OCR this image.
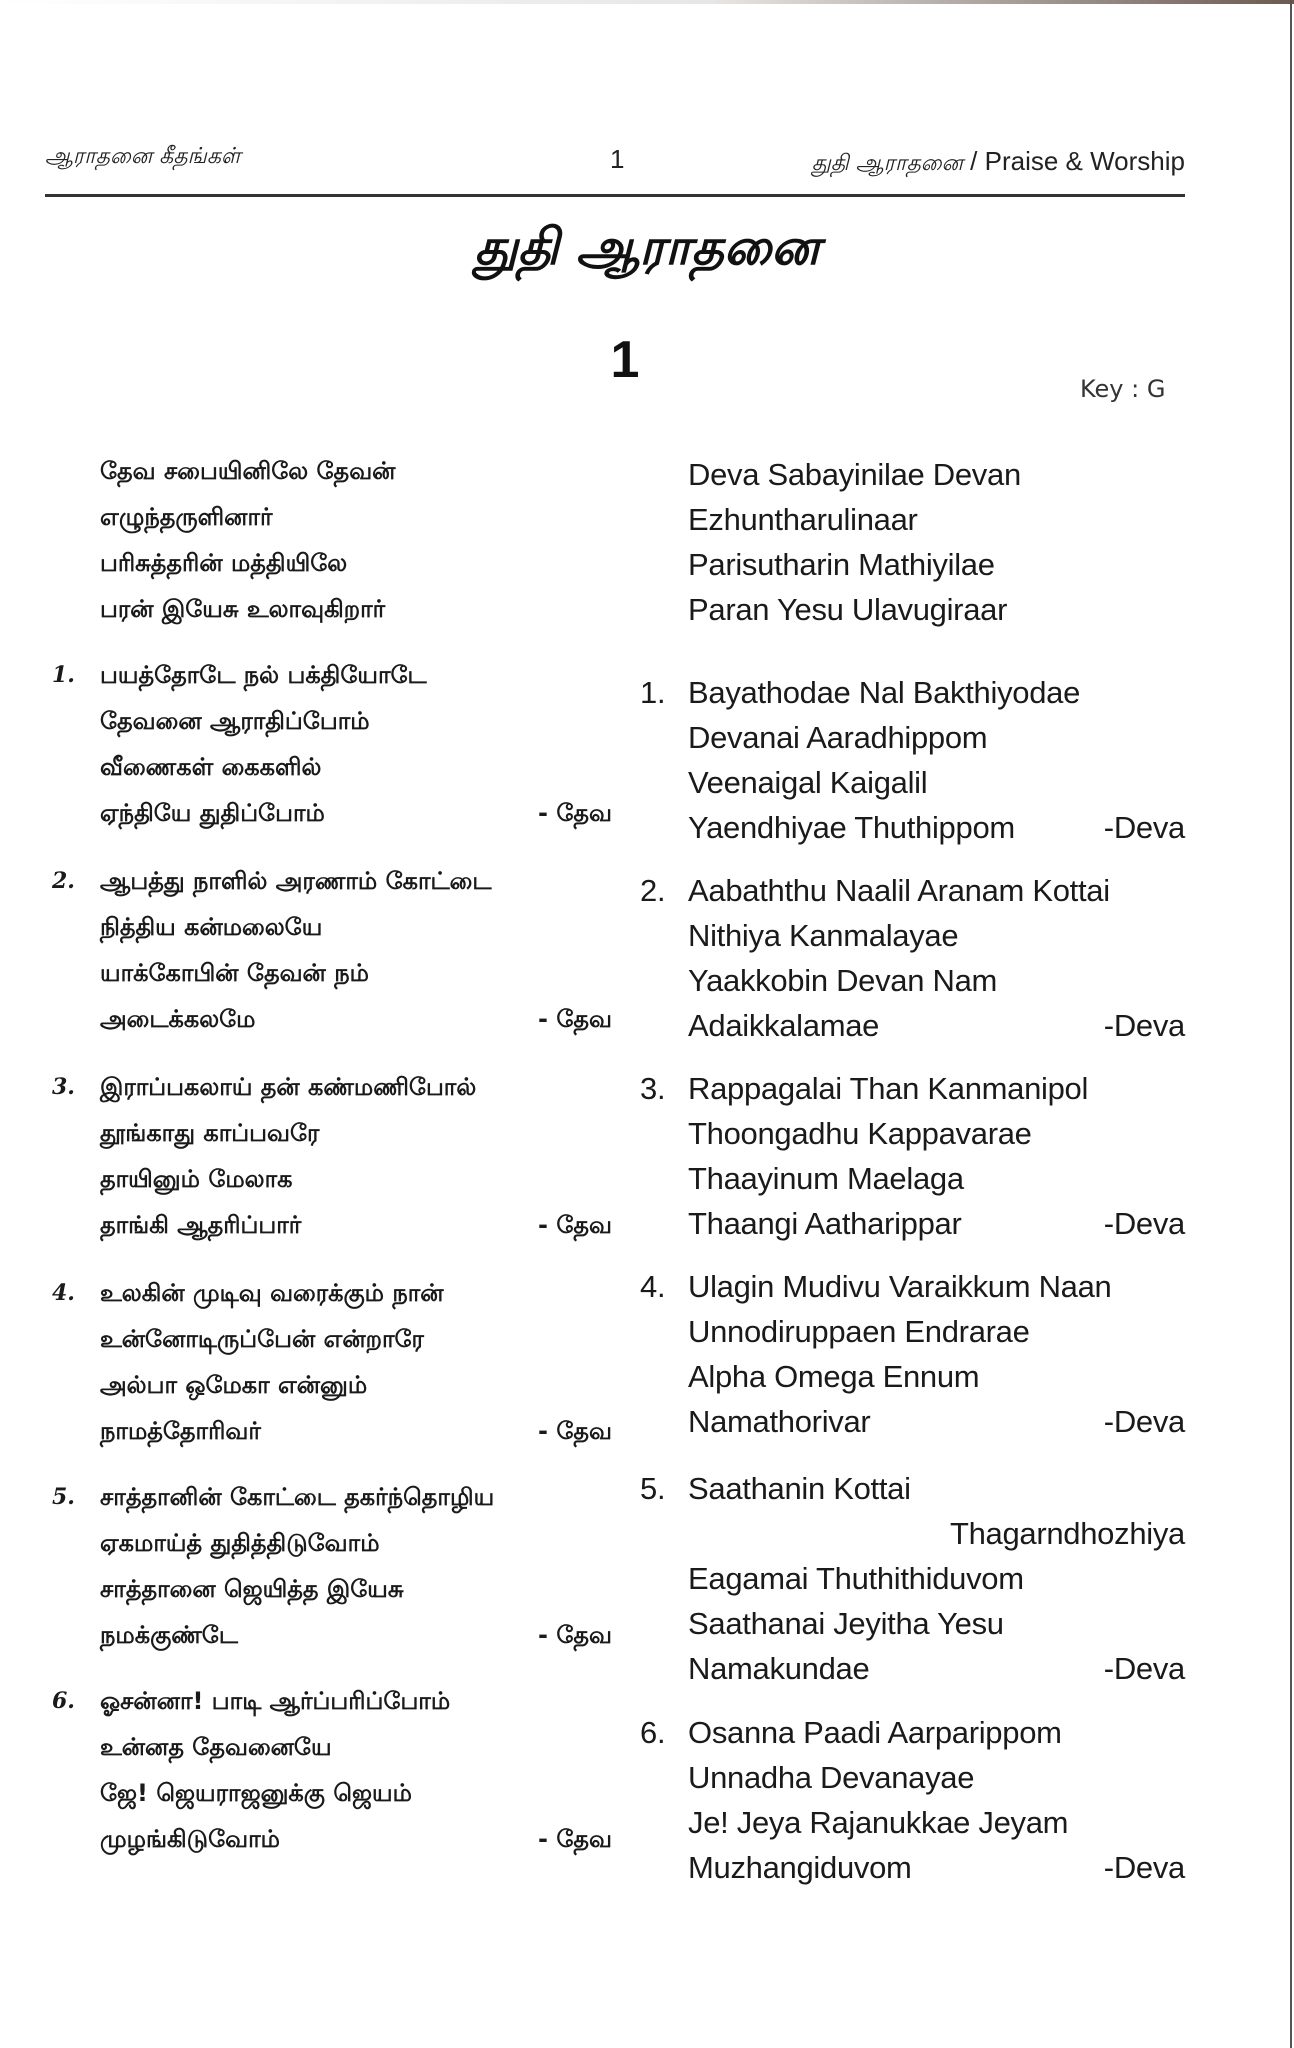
ஆராதனை கீதங்கள்	1	துதி ஆராதனை / Praise & Worship
துதி ஆராதனை
1	Key : G
தேவ சபையினிலே தேவன்
எழுந்தருளினார்
பரிசுத்தரின் மத்தியிலே
பரன் இயேசு உலாவுகிறார்
Deva Sabayinilae Devan
Ezhuntharulinaar
Parisutharin Mathiyilae
Paran Yesu Ulavugiraar
1. பயத்தோடே நல் பக்தியோடே
தேவனை ஆராதிப்போம்
வீணைகள் கைகளில்
ஏந்தியே துதிப்போம்	- தேவ
1. Bayathodae Nal Bakthiyodae
Devanai Aaradhippom
Veenaigal Kaigalil
Yaendhiyae Thuthippom	-Deva
2. ஆபத்து நாளில் அரணாம் கோட்டை
நித்திய கன்மலையே
யாக்கோபின் தேவன் நம்
அடைக்கலமே	- தேவ
2. Aabaththu Naalil Aranam Kottai
Nithiya Kanmalayae
Yaakkobin Devan Nam
Adaikkalamae	-Deva
3. இராப்பகலாய் தன் கண்மணிபோல்
தூங்காது காப்பவரே
தாயினும் மேலாக
தாங்கி ஆதரிப்பார்	- தேவ
3. Rappagalai Than Kanmanipol
Thoongadhu Kappavarae
Thaayinum Maelaga
Thaangi Aatharippar	-Deva
4. உலகின் முடிவு வரைக்கும் நான்
உன்னோடிருப்பேன் என்றாரே
அல்பா ஒமேகா என்னும்
நாமத்தோரிவர்	- தேவ
4. Ulagin Mudivu Varaikkum Naan
Unnodiruppaen Endrarae
Alpha Omega Ennum
Namathorivar	-Deva
5. சாத்தானின் கோட்டை தகர்ந்தொழிய
ஏகமாய்த் துதித்திடுவோம்
சாத்தானை ஜெயித்த இயேசு
நமக்குண்டே	- தேவ
5. Saathanin Kottai
Thagarndhozhiya
Eagamai Thuthithiduvom
Saathanai Jeyitha Yesu
Namakundae	-Deva
6. ஓசன்னா! பாடி ஆர்ப்பரிப்போம்
உன்னத தேவனையே
ஜே! ஜெயராஜனுக்கு ஜெயம்
முழங்கிடுவோம்	- தேவ
6. Osanna Paadi Aarparippom
Unnadha Devanayae
Je! Jeya Rajanukkae Jeyam
Muzhangiduvom	-Deva
